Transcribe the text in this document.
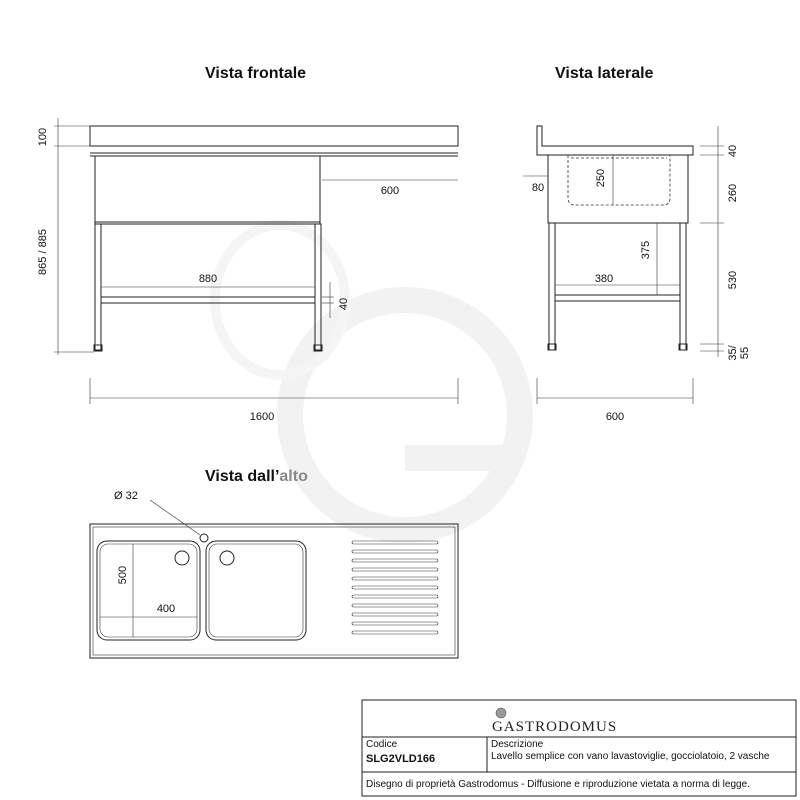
Vista frontale	Vista laterale
Vista dall’alto
100
865 / 885
600
880
40
1600
80
250
375
380
40
260
530
35/ 55
600
Ø 32
500
400
GASTRODOMUS
Codice
SLG2VLD166
Descrizione
Lavello semplice con vano lavastoviglie, gocciolatoio, 2 vasche
Disegno di proprietà Gastrodomus - Diffusione e riproduzione vietata a norma di legge.
